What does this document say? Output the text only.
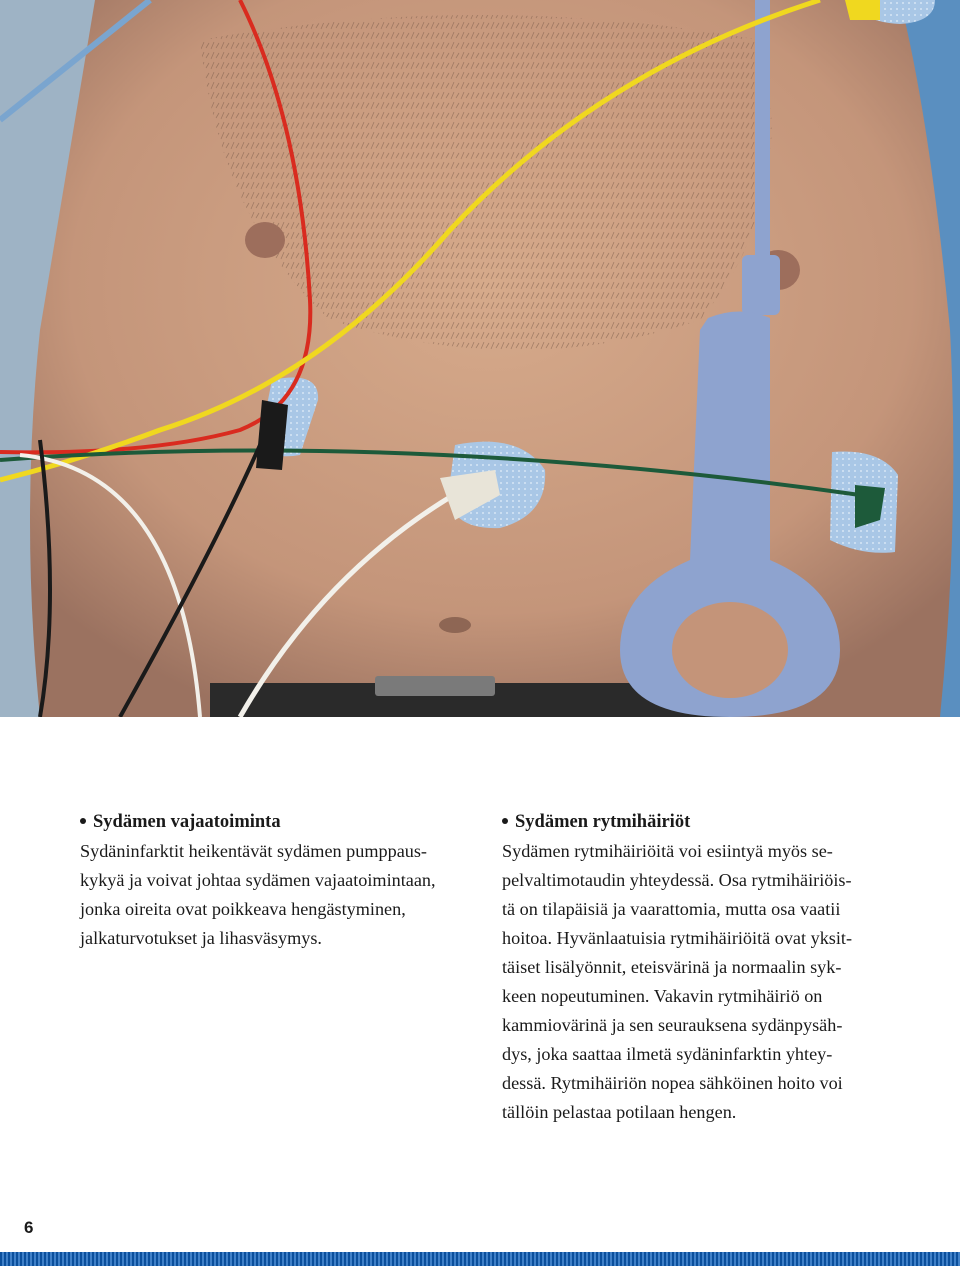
Sydämen vajaatoiminta
Sydäninfarktit heikentävät sydämen pumppaus-
kykyä ja voivat johtaa sydämen vajaatoimintaan,
jonka oireita ovat poikkeava hengästyminen,
jalkaturvotukset ja lihasväsymys.
Sydämen rytmihäiriöt
Sydämen rytmihäiriöitä voi esiintyä myös se-
pelvaltimotaudin yhteydessä. Osa rytmihäiriöis-
tä on tilapäisiä ja vaarattomia, mutta osa vaatii
hoitoa. Hyvänlaatuisia rytmihäiriöitä ovat yksit-
täiset lisälyönnit, eteisvärinä ja normaalin syk-
keen nopeutuminen. Vakavin rytmihäiriö on
kammiovärinä ja sen seurauksena sydänpysäh-
dys, joka saattaa ilmetä sydäninfarktin yhtey-
dessä. Rytmihäiriön nopea sähköinen hoito voi
tällöin pelastaa potilaan hengen.
6
